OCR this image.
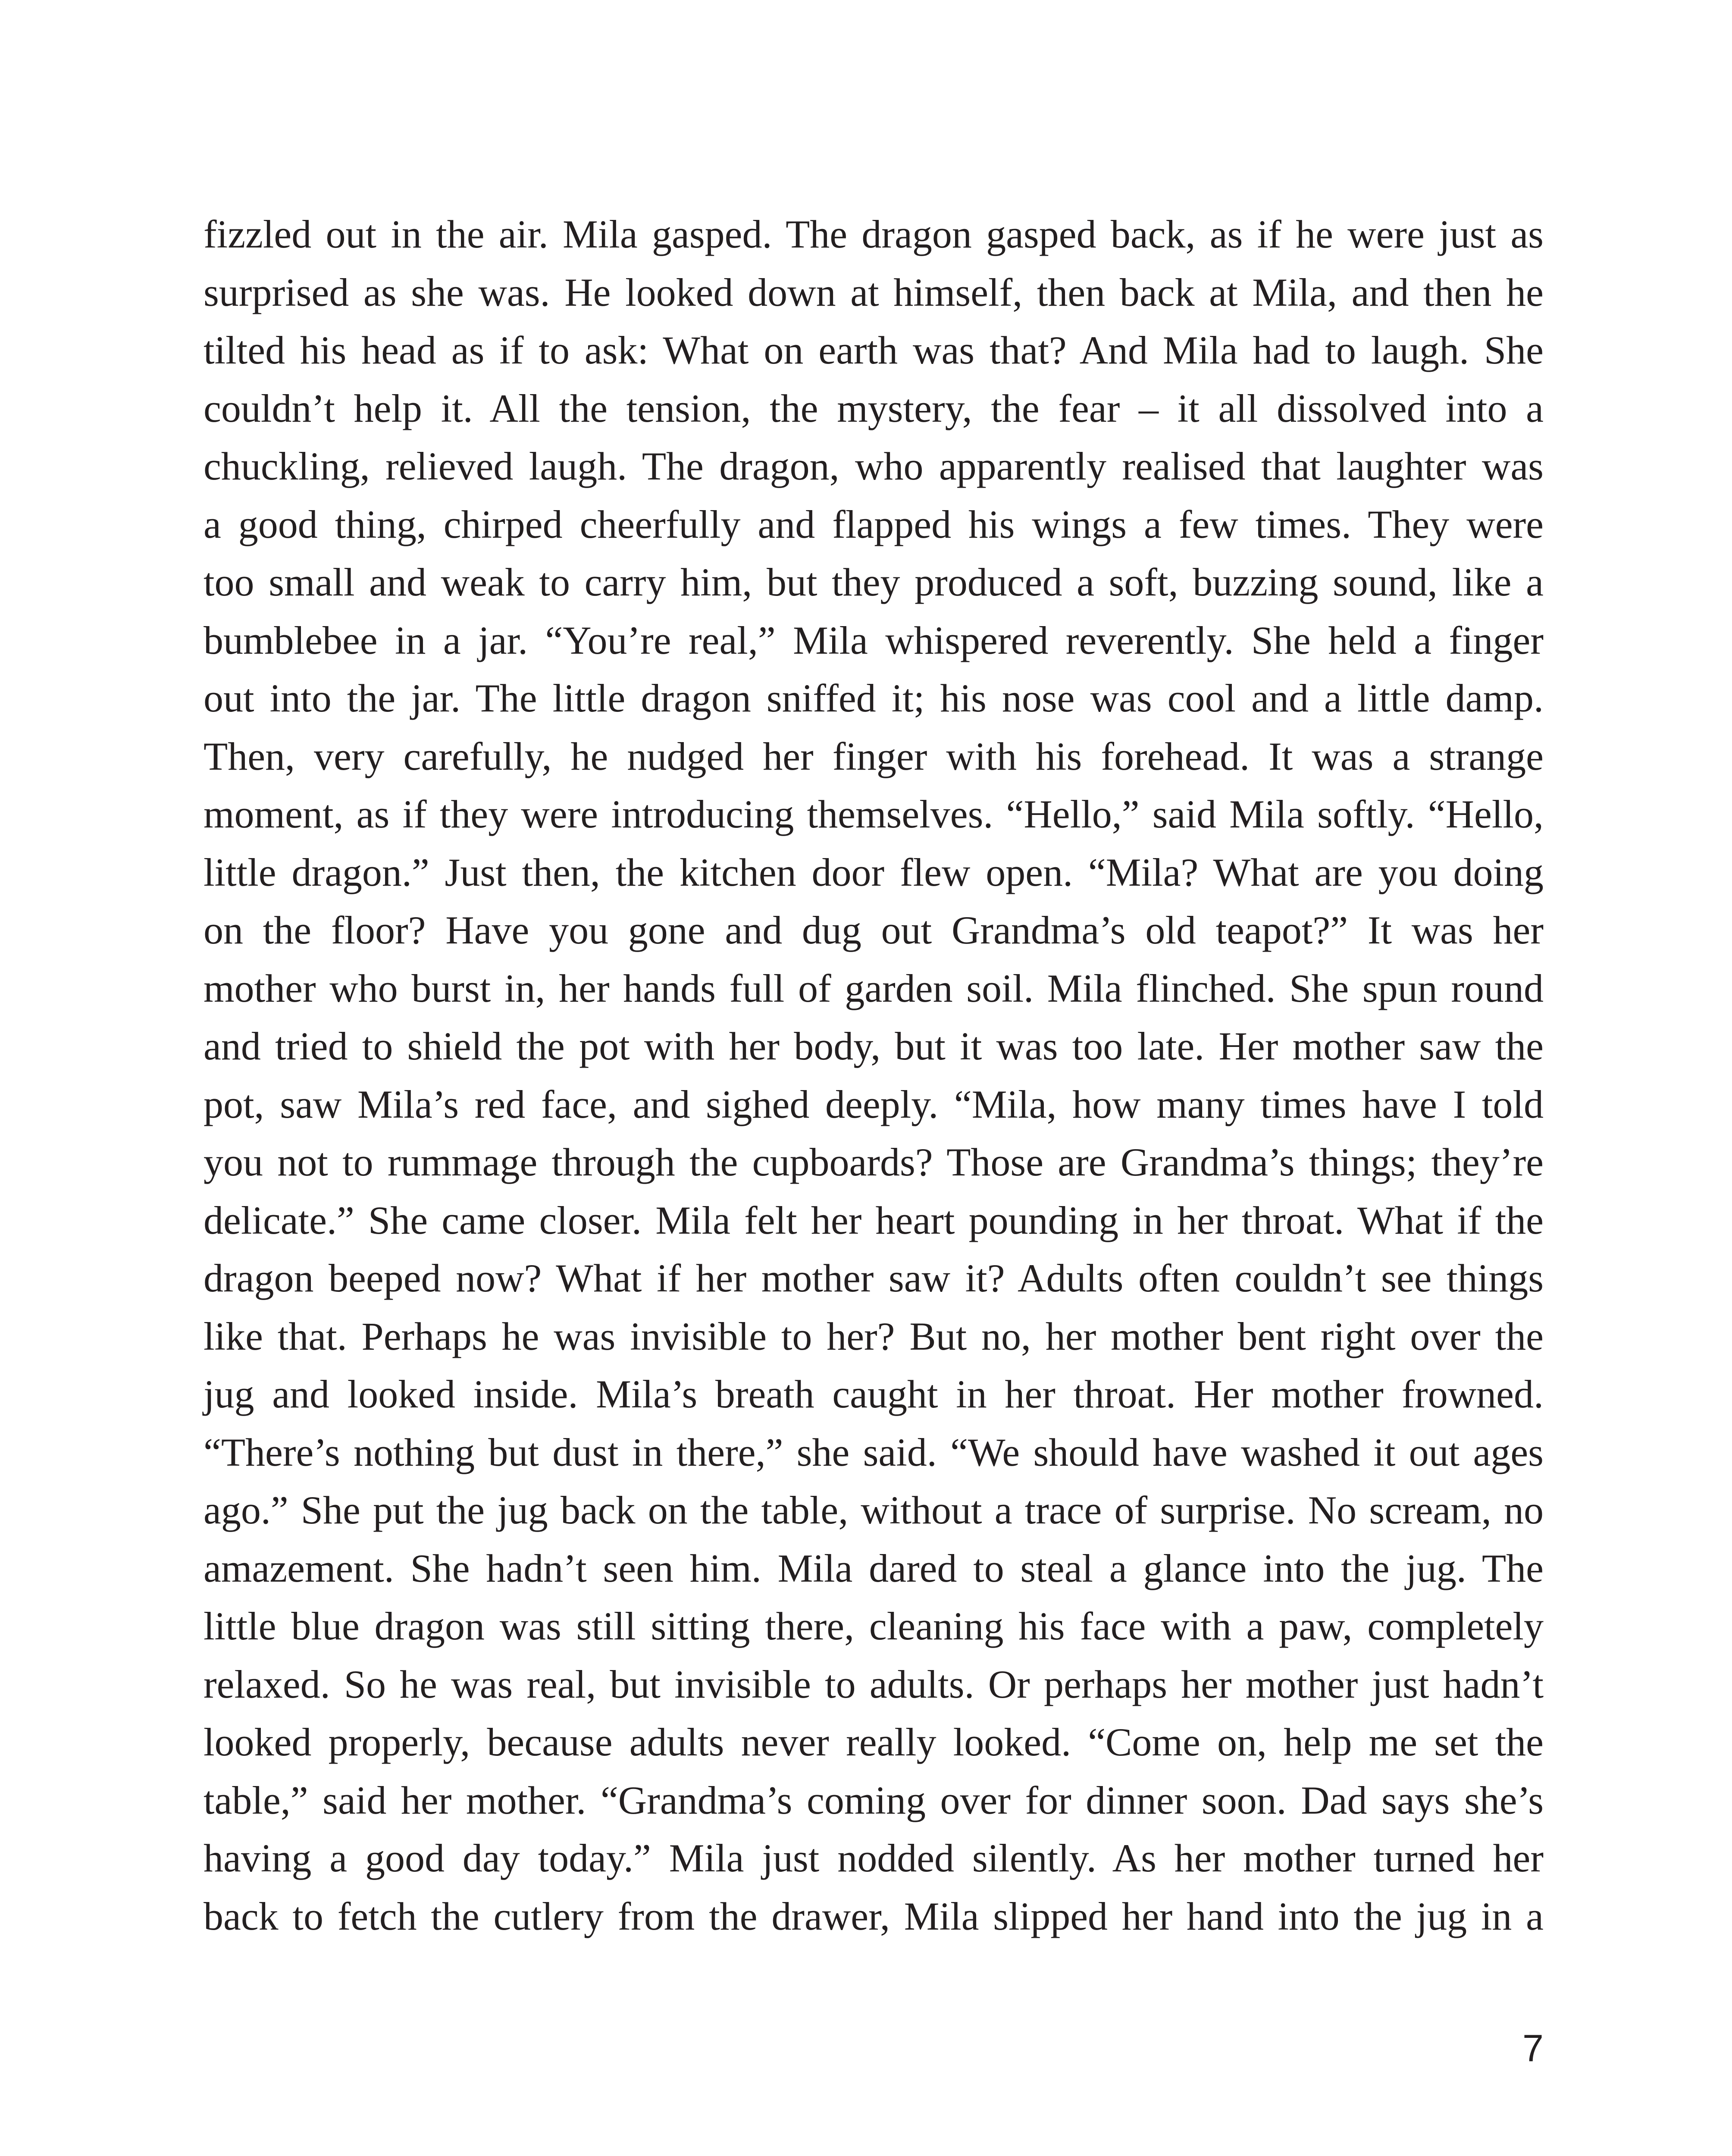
fizzled out in the air. Mila gasped. The dragon gasped back, as if he were just as
surprised as she was. He looked down at himself, then back at Mila, and then he
tilted his head as if to ask: What on earth was that? And Mila had to laugh. She
couldn’t help it. All the tension, the mystery, the fear – it all dissolved into a
chuckling, relieved laugh. The dragon, who apparently realised that laughter was
a good thing, chirped cheerfully and flapped his wings a few times. They were
too small and weak to carry him, but they produced a soft, buzzing sound, like a
bumblebee in a jar. “You’re real,” Mila whispered reverently. She held a finger
out into the jar. The little dragon sniffed it; his nose was cool and a little damp.
Then, very carefully, he nudged her finger with his forehead. It was a strange
moment, as if they were introducing themselves. “Hello,” said Mila softly. “Hello,
little dragon.” Just then, the kitchen door flew open. “Mila? What are you doing
on the floor? Have you gone and dug out Grandma’s old teapot?” It was her
mother who burst in, her hands full of garden soil. Mila flinched. She spun round
and tried to shield the pot with her body, but it was too late. Her mother saw the
pot, saw Mila’s red face, and sighed deeply. “Mila, how many times have I told
you not to rummage through the cupboards? Those are Grandma’s things; they’re
delicate.” She came closer. Mila felt her heart pounding in her throat. What if the
dragon beeped now? What if her mother saw it? Adults often couldn’t see things
like that. Perhaps he was invisible to her? But no, her mother bent right over the
jug and looked inside. Mila’s breath caught in her throat. Her mother frowned.
“There’s nothing but dust in there,” she said. “We should have washed it out ages
ago.” She put the jug back on the table, without a trace of surprise. No scream, no
amazement. She hadn’t seen him. Mila dared to steal a glance into the jug. The
little blue dragon was still sitting there, cleaning his face with a paw, completely
relaxed. So he was real, but invisible to adults. Or perhaps her mother just hadn’t
looked properly, because adults never really looked. “Come on, help me set the
table,” said her mother. “Grandma’s coming over for dinner soon. Dad says she’s
having a good day today.” Mila just nodded silently. As her mother turned her
back to fetch the cutlery from the drawer, Mila slipped her hand into the jug in a
7
